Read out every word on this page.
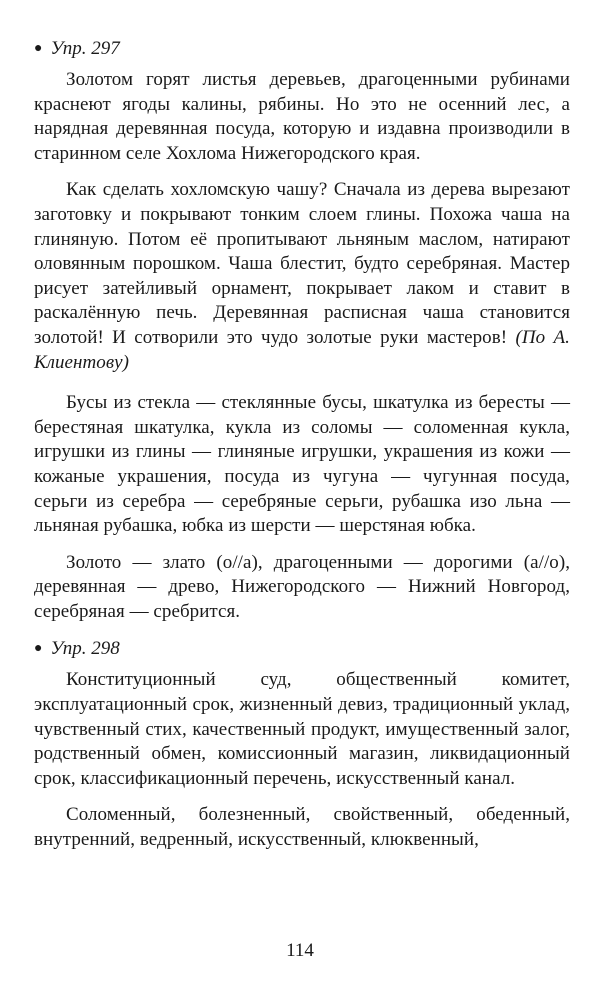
● Упр. 297

Золотом горят листья деревьев, драгоценными рубинами краснеют ягоды калины, рябины. Но это не осенний лес, а нарядная деревянная посуда, которую и издавна производили в старинном селе Хохлома Нижегородского края.

Как сделать хохломскую чашу? Сначала из дерева вырезают заготовку и покрывают тонким слоем глины. Похожа чаша на глиняную. Потом её пропитывают льняным маслом, натирают оловянным порошком. Чаша блестит, будто серебряная. Мастер рисует затейливый орнамент, покрывает лаком и ставит в раскалённую печь. Деревянная расписная чаша становится золотой! И сотворили это чудо золотые руки мастеров! (По А. Клиентову)

Бусы из стекла — стеклянные бусы, шкатулка из бересты — берестяная шкатулка, кукла из соломы — соломенная кукла, игрушки из глины — глиняные игрушки, украшения из кожи — кожаные украшения, посуда из чугуна — чугунная посуда, серьги из серебра — серебряные серьги, рубашка изо льна — льняная рубашка, юбка из шерсти — шерстяная юбка.

Золото — злато (о//а), драгоценными — дорогими (а//о), деревянная — древо, Нижегородского — Нижний Новгород, серебряная — сребрится.

● Упр. 298

Конституционный суд, общественный комитет, эксплуатационный срок, жизненный девиз, традиционный уклад, чувственный стих, качественный продукт, имущественный залог, родственный обмен, комиссионный магазин, ликвидационный срок, классификационный перечень, искусственный канал.

Соломенный, болезненный, свойственный, обеденный, внутренний, ведренный, искусственный, клюквенный,

114
